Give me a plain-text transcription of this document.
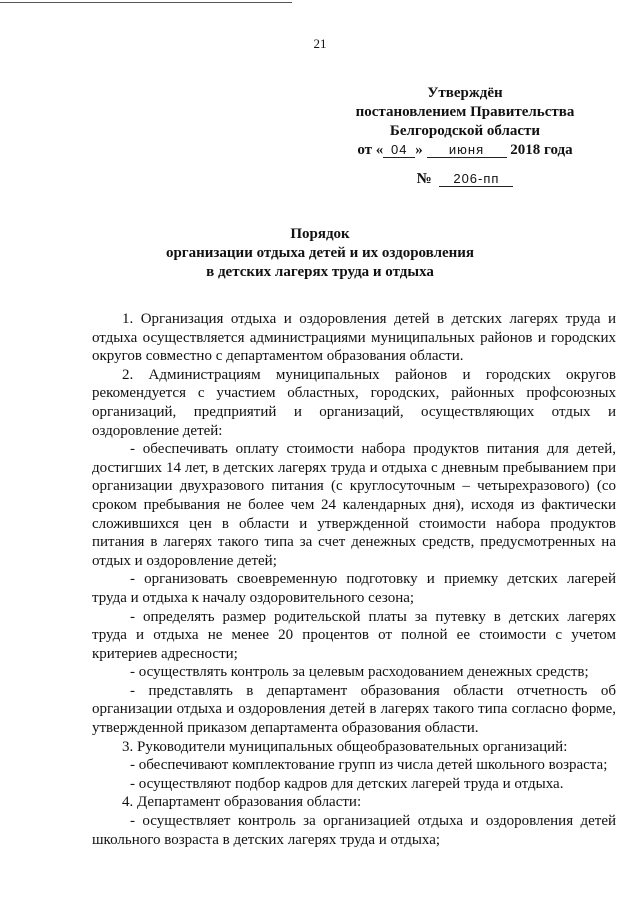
21
Утверждён
постановлением Правительства
Белгородской области
от « 04 » июня 2018 года
№ 206-пп
Порядок
организации отдыха детей и их оздоровления
в детских лагерях труда и отдыха

1. Организация отдыха и оздоровления детей в детских лагерях труда и отдыха осуществляется администрациями муниципальных районов и городских округов совместно с департаментом образования области.

2. Администрациям муниципальных районов и городских округов рекомендуется с участием областных, городских, районных профсоюзных организаций, предприятий и организаций, осуществляющих отдых и оздоровление детей:

- обеспечивать оплату стоимости набора продуктов питания для детей, достигших 14 лет, в детских лагерях труда и отдыха с дневным пребыванием при организации двухразового питания (с круглосуточным – четырехразового) (со сроком пребывания не более чем 24 календарных дня), исходя из фактически сложившихся цен в области и утвержденной стоимости набора продуктов питания в лагерях такого типа за счет денежных средств, предусмотренных на отдых и оздоровление детей;

- организовать своевременную подготовку и приемку детских лагерей труда и отдыха к началу оздоровительного сезона;

- определять размер родительской платы за путевку в детских лагерях труда и отдыха не менее 20 процентов от полной ее стоимости с учетом критериев адресности;

- осуществлять контроль за целевым расходованием денежных средств;

- представлять в департамент образования области отчетность об организации отдыха и оздоровления детей в лагерях такого типа согласно форме, утвержденной приказом департамента образования области.

3. Руководители муниципальных общеобразовательных организаций:

- обеспечивают комплектование групп из числа детей школьного возраста;

- осуществляют подбор кадров для детских лагерей труда и отдыха.

4. Департамент образования области:

- осуществляет контроль за организацией отдыха и оздоровления детей школьного возраста в детских лагерях труда и отдыха;
